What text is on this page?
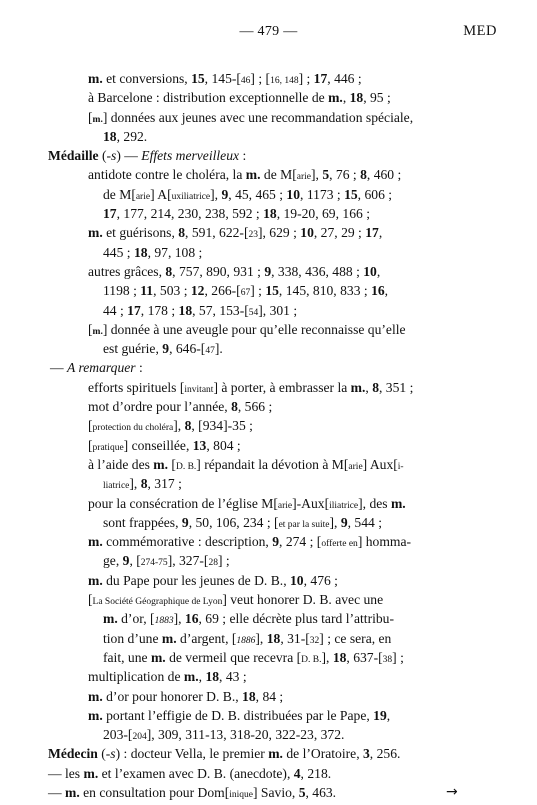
— 479 —	MED
m. et conversions, 15, 145-[46] ; [16, 148] ; 17, 446 ;
à Barcelone : distribution exceptionnelle de m., 18, 95 ;
[m.] données aux jeunes avec une recommandation spéciale,
18, 292.
Médaille (-s) — Effets merveilleux :
antidote contre le choléra, la m. de M[arie], 5, 76 ; 8, 460 ;
de M[arie] A[uxiliatrice], 9, 45, 465 ; 10, 1173 ; 15, 606 ;
17, 177, 214, 230, 238, 592 ; 18, 19-20, 69, 166 ;
m. et guérisons, 8, 591, 622-[23], 629 ; 10, 27, 29 ; 17,
445 ; 18, 97, 108 ;
autres grâces, 8, 757, 890, 931 ; 9, 338, 436, 488 ; 10,
1198 ; 11, 503 ; 12, 266-[67] ; 15, 145, 810, 833 ; 16,
44 ; 17, 178 ; 18, 57, 153-[54], 301 ;
[m.] donnée à une aveugle pour qu’elle reconnaisse qu’elle
est guérie, 9, 646-[47].
— A remarquer :
efforts spirituels [invitant] à porter, à embrasser la m., 8, 351 ;
mot d’ordre pour l’année, 8, 566 ;
[protection du choléra], 8, [934]-35 ;
[pratique] conseillée, 13, 804 ;
à l’aide des m. [D. B.] répandait la dévotion à M[arie] Aux[i-
liatrice], 8, 317 ;
pour la consécration de l’église M[arie]-Aux[iliatrice], des m.
sont frappées, 9, 50, 106, 234 ; [et par la suite], 9, 544 ;
m. commémorative : description, 9, 274 ; [offerte en] homma-
ge, 9, [274-75], 327-[28] ;
m. du Pape pour les jeunes de D. B., 10, 476 ;
[La Société Géographique de Lyon] veut honorer D. B. avec une
m. d’or, [1883], 16, 69 ; elle décrète plus tard l’attribu-
tion d’une m. d’argent, [1886], 18, 31-[32] ; ce sera, en
fait, une m. de vermeil que recevra [D. B.], 18, 637-[38] ;
multiplication de m., 18, 43 ;
m. d’or pour honorer D. B., 18, 84 ;
m. portant l’effigie de D. B. distribuées par le Pape, 19,
203-[204], 309, 311-13, 318-20, 322-23, 372.
Médecin (-s) : docteur Vella, le premier m. de l’Oratoire, 3, 256.
— les m. et l’examen avec D. B. (anecdote), 4, 218.
— m. en consultation pour Dom[inique] Savio, 5, 463.	→
